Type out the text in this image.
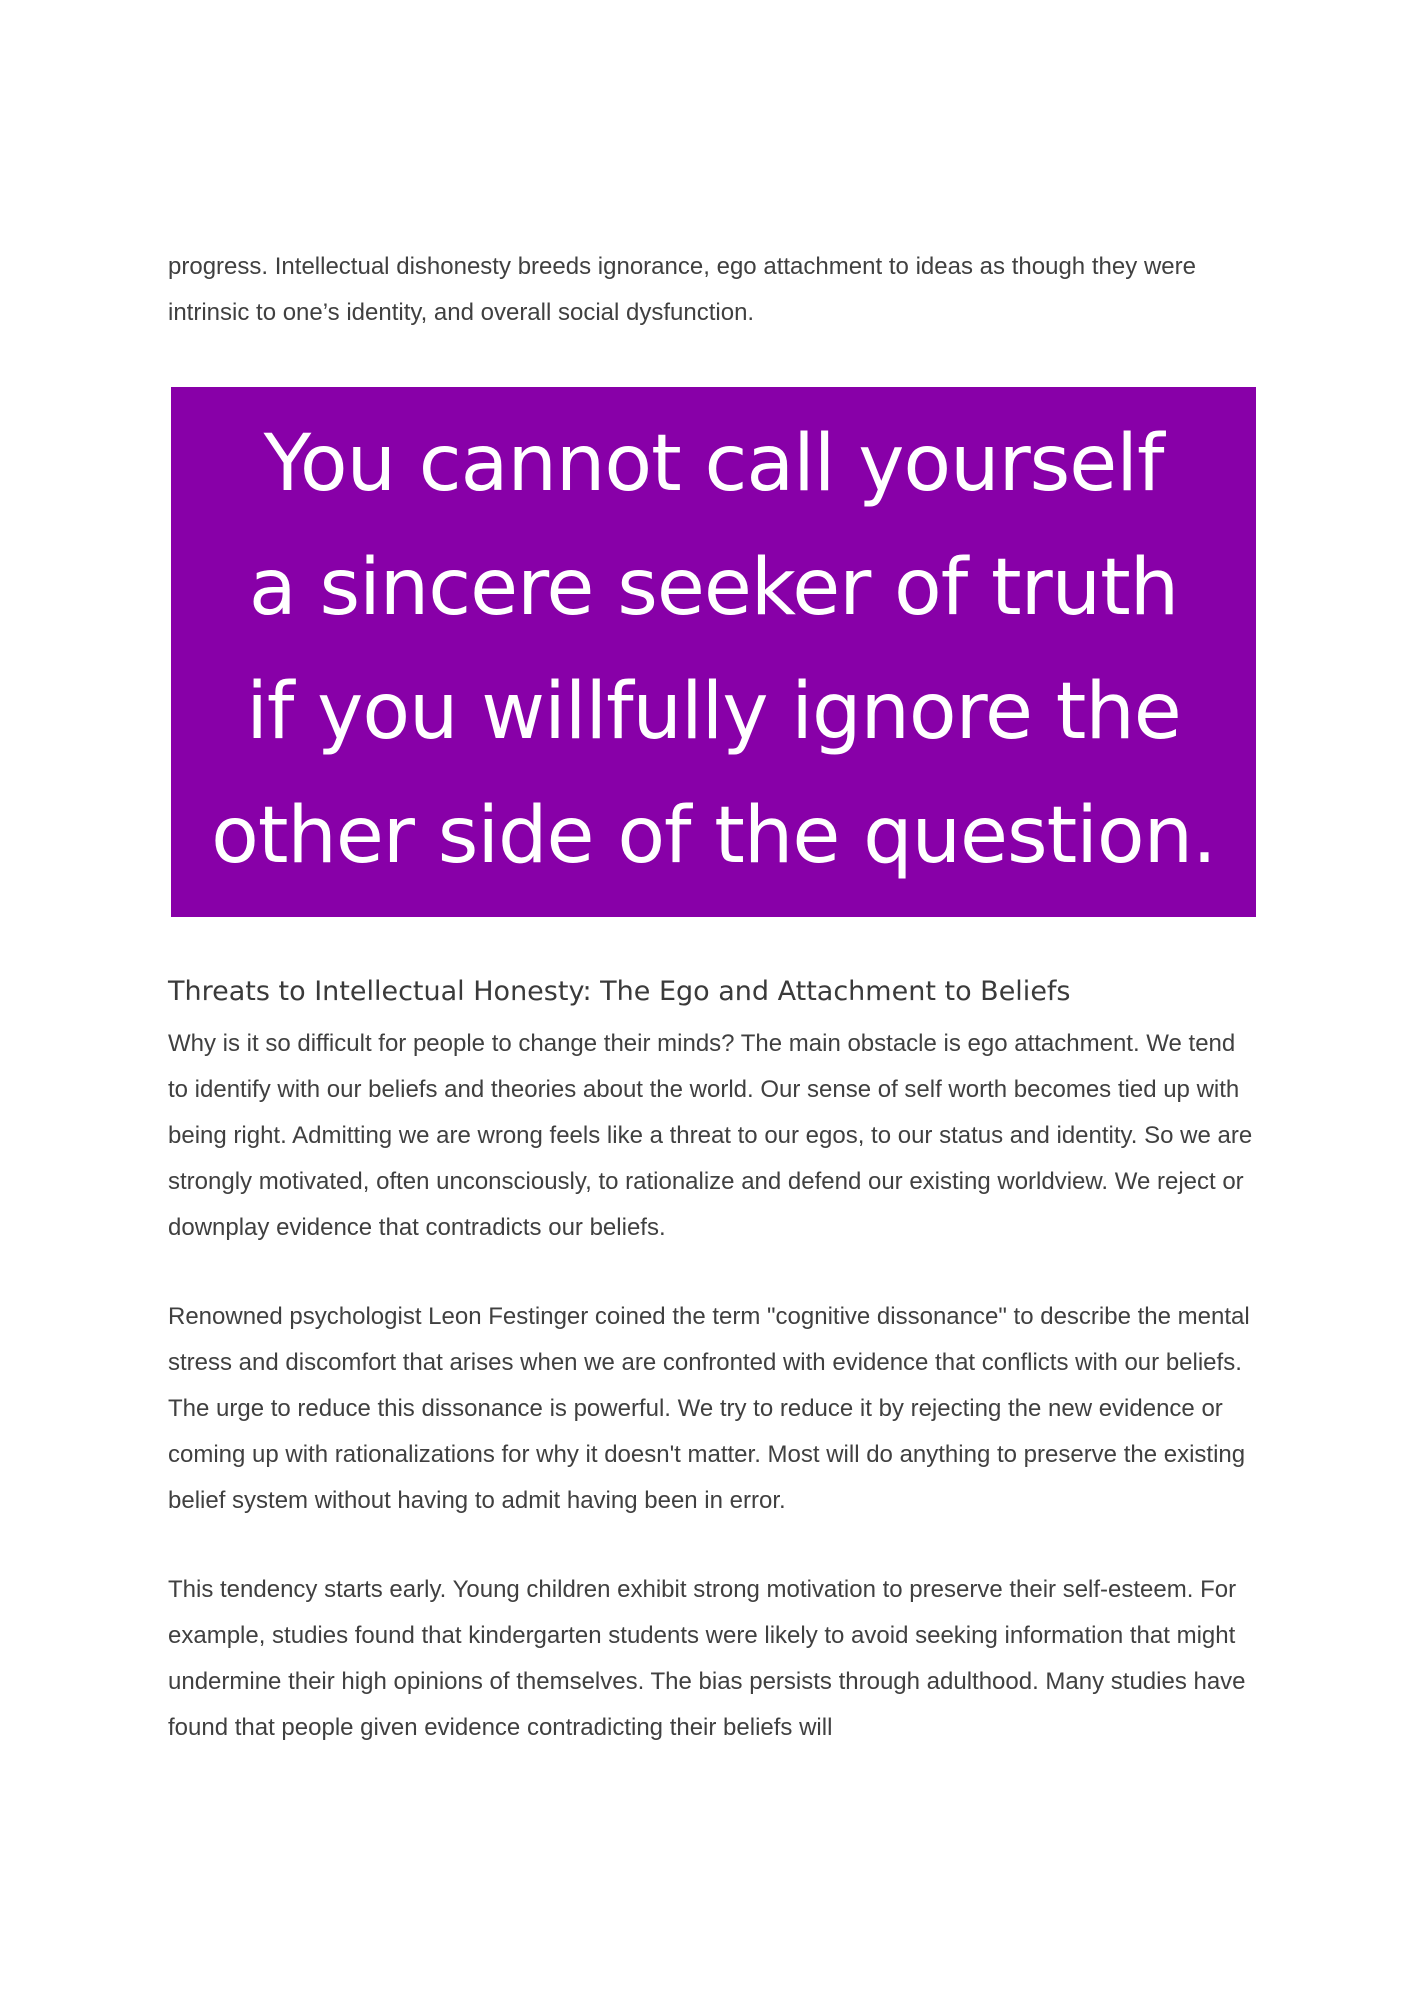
progress. Intellectual dishonesty breeds ignorance, ego attachment to ideas as though they were intrinsic to one’s identity, and overall social dysfunction.

You cannot call yourself
a sincere seeker of truth
if you willfully ignore the
other side of the question.
Threats to Intellectual Honesty: The Ego and Attachment to Beliefs

Why is it so difficult for people to change their minds? The main obstacle is ego attachment. We tend to identify with our beliefs and theories about the world. Our sense of self worth becomes tied up with being right. Admitting we are wrong feels like a threat to our egos, to our status and identity. So we are strongly motivated, often unconsciously, to rationalize and defend our existing worldview. We reject or downplay evidence that contradicts our beliefs.

Renowned psychologist Leon Festinger coined the term "cognitive dissonance" to describe the mental stress and discomfort that arises when we are confronted with evidence that conflicts with our beliefs. The urge to reduce this dissonance is powerful. We try to reduce it by rejecting the new evidence or coming up with rationalizations for why it doesn't matter. Most will do anything to preserve the existing belief system without having to admit having been in error.

This tendency starts early. Young children exhibit strong motivation to preserve their self-esteem. For example, studies found that kindergarten students were likely to avoid seeking information that might undermine their high opinions of themselves. The bias persists through adulthood. Many studies have found that people given evidence contradicting their beliefs will
